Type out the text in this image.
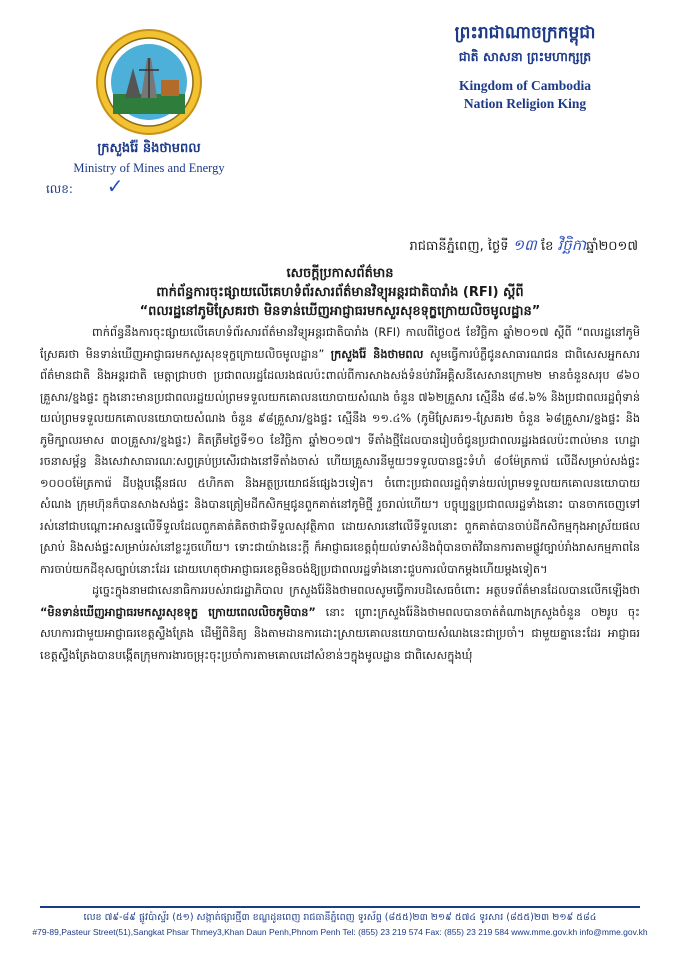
ក្រសួងរ៉ែ និងថាមពល
Ministry of Mines and Energy
លេខ: ✓
ព្រះរាជាណាចក្រកម្ពុជា
ជាតិ សាសនា ព្រះមហាក្សត្រ
Kingdom of Cambodia
Nation Religion King
រាជធានីភ្នំពេញ, ថ្ងៃទី ១៣ ខែ វិច្ឆិកាឆ្នាំ២០១៧
សេចក្តីប្រកាសព័ត៌មាន
ពាក់ព័ន្ធការចុះផ្សាយលើគេហទំព័រសារព័ត៌មានវិទ្យុអន្តរជាតិបារាំង (RFI) ស្តីពី
“ពលរដ្ឋនៅភូមិស្រែគរថា មិនទាន់ឃើញអាជ្ញាធរមកសួរសុខទុក្ខក្រោយលិចមូលដ្ឋាន”

ពាក់ព័ន្ធនឹងការចុះផ្សាយលើគេហទំព័រសារព័ត៌មានវិទ្យុអន្តរជាតិបារាំង (RFI) កាលពីថ្ងៃ០៥ ខែវិច្ឆិកា ឆ្នាំ២០១៧ ស្តីពី “ពលរដ្ឋនៅភូមិស្រែគរថា មិនទាន់ឃើញអាជ្ញាធរមកសួរសុខទុក្ខក្រោយលិចមូលដ្ឋាន” ក្រសួងរ៉ែ និងថាមពល សូមធ្វើការបំភ្លឺជូនសាធារណជន ជាពិសេសអ្នកសារព័ត៌មានជាតិ និងអន្តរជាតិ មេត្តាជ្រាបថា ប្រជាពលរដ្ឋដែលរងផលប៉ះពាល់ពីការសាងសង់ទំនប់វារីអគ្គិសនីសេសានក្រោម២ មានចំនួនសរុប ៨៦០ គ្រួសារ/ខ្នងផ្ទះ ក្នុងនោះមានប្រជាពលរដ្ឋយល់ព្រមទទួលយកគោលនយោបាយសំណង ចំនួន ៧៦២គ្រួសារ ស្មើនឹង ៨៨.៦% និងប្រជាពលរដ្ឋពុំទាន់យល់ព្រមទទួលយកគោលនយោបាយសំណង ចំនួន ៩៨គ្រួសារ/ខ្នងផ្ទះ ស្មើនឹង ១១.៤% (ភូមិស្រែគរ១-ស្រែគរ២ ចំនួន ៦៨គ្រួសារ/ខ្នងផ្ទះ និងភូមិក្បាលរមាស ៣០គ្រួសារ/ខ្នងផ្ទះ) គិតត្រឹមថ្ងៃទី១០ ខែវិច្ឆិកា ឆ្នាំ២០១៧។ ទីតាំងថ្មីដែលបានរៀបចំជូនប្រជាពលរដ្ឋរងផលប៉ះពាល់មាន ហេដ្ឋារចនាសម្ព័ន្ធ និងសេវាសាធារណៈសព្វគ្រប់ប្រសើរជាងនៅទីតាំងចាស់ ហើយគ្រួសារនីមួយៗទទួលបានផ្ទះទំហំ ៨០ម៉ែត្រការ៉េ លើដីសម្រាប់សង់ផ្ទះ ១០០០ម៉ែត្រការ៉េ ដីបង្កបង្កើនផល ៥ហិកតា និងអត្ថប្រយោជន៍ផ្សេងៗទៀត។ ចំពោះប្រជាពលរដ្ឋពុំទាន់យល់ព្រមទទួលយកគោលនយោបាយសំណង ក្រុមហ៊ុនក៏បានសាងសង់ផ្ទះ និងបានត្រៀមដីកសិកម្មជូនពួកគាត់នៅភូមិថ្មី រួចរាល់ហើយ។ បច្ចុប្បន្នប្រជាពលរដ្ឋទាំងនោះ បានចាកចេញទៅរស់នៅជាបណ្តោះអាសន្នលើទីទួលដែលពួកគាត់គិតថាជាទីទួលសុវត្ថិភាព ដោយសារនៅលើទីទួលនោះ ពួកគាត់បានចាប់ដីកសិកម្មកុងអាស្រ័យផលស្រាប់ និងសង់ផ្ទះសម្រាប់រស់នៅខ្លះរួចហើយ។ ទោះជាយ៉ាងនេះក្តី ក៏អាជ្ញាធរខេត្តពុំយល់ទាស់និងពុំបានចាត់វិធានការតាមផ្លូវច្បាប់រាំងរាសកម្មភាពនៃការចាប់យកដីខុសច្បាប់នោះដែរ ដោយហេតុថាអាជ្ញាធរខេត្តមិនចង់ឱ្យប្រជាពលរដ្ឋទាំងនោះជួបការលំបាកម្តងហើយម្តងទៀត។

ដូច្នេះក្នុងនាមជាសេនាធិការរបស់រាជរដ្ឋាភិបាល ក្រសួងរ៉ែនិងថាមពលសូមធ្វើការបដិសេធចំពោះ អត្ថបទព័ត៌មានដែលបានលើកឡើងថា “មិនទាន់ឃើញអាជ្ញាធរមកសួរសុខទុក្ខ ក្រោយពេលលិចភូមិបាន” នោះ ព្រោះក្រសួងរ៉ែនិងថាមពលបានចាត់តំណាងក្រសួងចំនួន ០២រូប ចុះសហការជាមួយអាជ្ញាធរខេត្តស្ទឹងត្រែង ដើម្បីពិនិត្យ និងតាមដានការដោះស្រាយគោលនយោបាយសំណងនេះជាប្រចាំ។ ជាមួយគ្នានេះដែរ អាជ្ញាធរខេត្តស្ទឹងត្រែងបានបង្កើតក្រុមការងារចម្រុះចុះប្រចាំការតាមគោលដៅសំខាន់ៗក្នុងមូលដ្ឋាន ជាពិសេសក្នុងឃុំ

លេខ ៧៩-៨៩ ផ្លូវប៉ាស្ទ័រ (៥១) សង្កាត់ផ្សារថ្មី៣ ខណ្ឌដូនពេញ រាជធានីភ្នំពេញ ទូរស័ព្ទ (៨៥៥)២៣ ២១៩ ៥៧៤ ទូរសារ (៨៥៥)២៣ ២១៩ ៥៨៤
#79-89,Pasteur Street(51),Sangkat Phsar Thmey3,Khan Daun Penh,Phnom Penh Tel: (855) 23 219 574 Fax: (855) 23 219 584 www.mme.gov.kh info@mme.gov.kh
